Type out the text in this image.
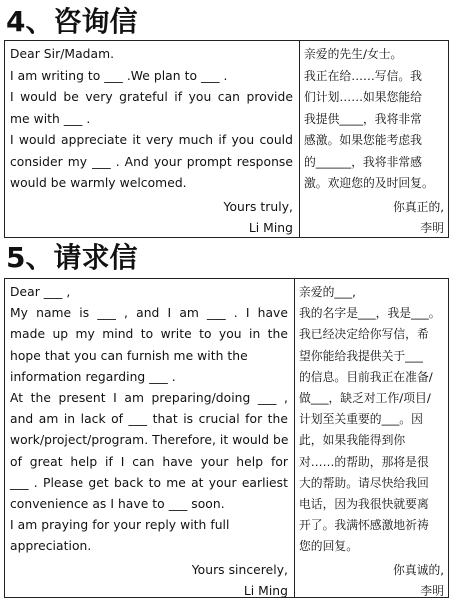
4、咨询信
Dear Sir/Madam.
I am writing to ___ .We plan to ___ .
I would be very grateful if you can provide
me with ___ .
I would appreciate it very much if you could
consider my ___ . And your prompt response
would be warmly welcomed.
Yours truly,
Li Ming
亲爱的先生/女士。
我正在给……写信。我
们计划……如果您能给
我提供____，我将非常
感激。如果您能考虑我
的______，我将非常感
激。欢迎您的及时回复。
你真正的,
李明
5、请求信
Dear ___ ,
My name is ___ , and I am ___ . I have
made up my mind to write to you in the
hope that you can furnish me with the
information regarding ___ .
At the present I am preparing/doing ___ ,
and am in lack of ___ that is crucial for the
work/project/program. Therefore, it would be
of great help if I can have your help for
___ . Please get back to me at your earliest
convenience as I have to ___ soon.
I am praying for your reply with full
appreciation.
Yours sincerely,
Li Ming
亲爱的___,
我的名字是___，我是___。
我已经决定给你写信，希
望你能给我提供关于___
的信息。目前我正在准备/
做___，缺乏对工作/项目/
计划至关重要的___。因
此，如果我能得到你
对……的帮助，那将是很
大的帮助。请尽快给我回
电话，因为我很快就要离
开了。我满怀感激地祈祷
您的回复。
你真诚的,
李明
